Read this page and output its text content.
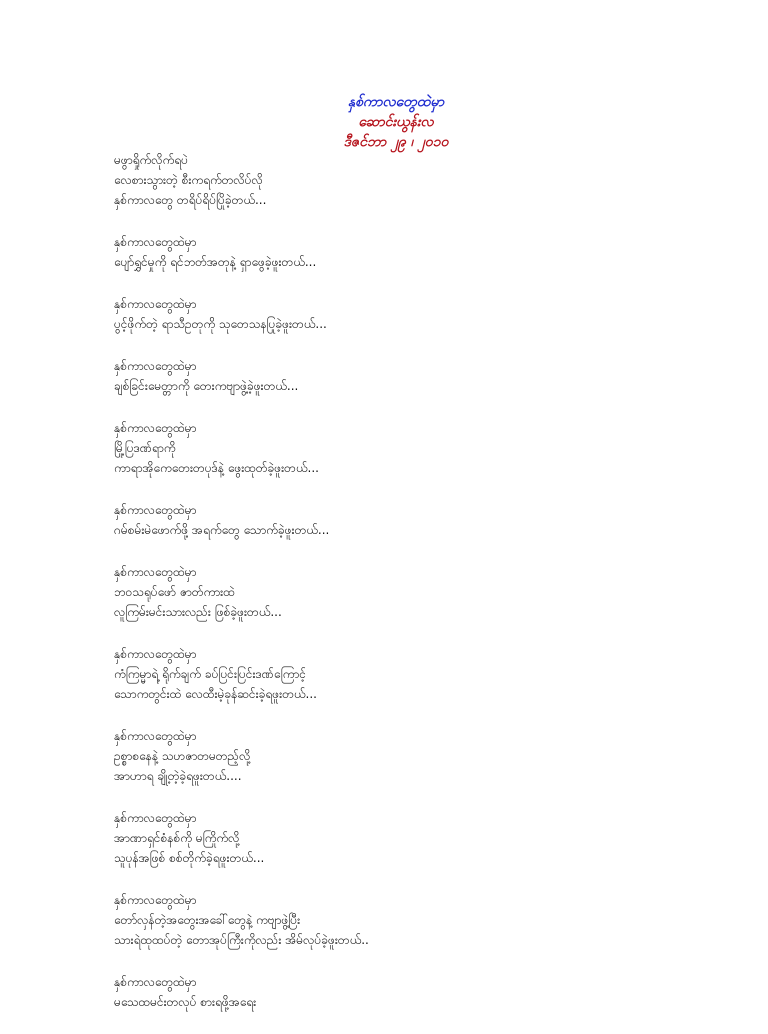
နှစ်ကာလတွေထဲမှာ
ဆောင်းယွန်းလ
ဒီဇင်ဘာ ၂၉ ၊ ၂၀၁၀
မဖွာရှိုက်လိုက်ရပဲ
လေစားသွားတဲ့ စီးကရက်တလိပ်လို
နှစ်ကာလတွေ တရိပ်ရိပ်ပြိုခဲ့တယ်...
နှစ်ကာလတွေထဲမှာ
ပျော်ရွှင်မှုကို ရင်ဘတ်အတုနဲ့ ရှာဖွေခဲ့ဖူးတယ်...
နှစ်ကာလတွေထဲမှာ
ပွင့်ဖိုက်တဲ့ ရာသီဥတုကို သုတေသနပြုခဲ့ဖူးတယ်...
နှစ်ကာလတွေထဲမှာ
ချစ်ခြင်းမေတ္တာကို တေးကဗျာဖွဲ့ခဲ့ဖူးတယ်...
နှစ်ကာလတွေထဲမှာ
မြို့ပြဒဏ်ရာကို
ကာရာအိုကေတေးတပုဒ်နဲ့ ဖွေးထုတ်ခဲ့ဖူးတယ်...
နှစ်ကာလတွေထဲမှာ
ဂမ်စမ်းမဲဖောက်ဖို့ အရက်တွေ သောက်ခဲ့ဖူးတယ်...
နှစ်ကာလတွေထဲမှာ
ဘဝသရုပ်ဖော် ဇာတ်ကားထဲ
လူကြမ်းမင်းသားလည်း ဖြစ်ခဲ့ဖူးတယ်...
နှစ်ကာလတွေထဲမှာ
ကံကြမ္မာရဲ့ ရိုက်ချက် ခပ်ပြင်းပြင်းဒဏ်ကြောင့်
သောကတွင်းထဲ လေထီးမဲ့ခုန်ဆင်းခဲ့ရဖူးတယ်...
နှစ်ကာလတွေထဲမှာ
ဥစ္စာစနေနဲ့ သဟဇာတမတည့်လို့
အာဟာရ ချို့တဲ့ခဲ့ရဖူးတယ်....
နှစ်ကာလတွေထဲမှာ
အာဏာရှင်စံနစ်ကို မကြိုက်လို့
သူပုန်အဖြစ် စစ်တိုက်ခဲ့ရဖူးတယ်...
နှစ်ကာလတွေထဲမှာ
တော်လှန်တဲ့အတွေးအခေါ်တွေနဲ့ ကဗျာဖွဲ့ပြီး
သားရဲထုထပ်တဲ့ တောအုပ်ကြီးကိုလည်း အိမ်လုပ်ခဲ့ဖူးတယ်..
နှစ်ကာလတွေထဲမှာ
မသေထမင်းတလုပ် စားရဖို့အရေး
